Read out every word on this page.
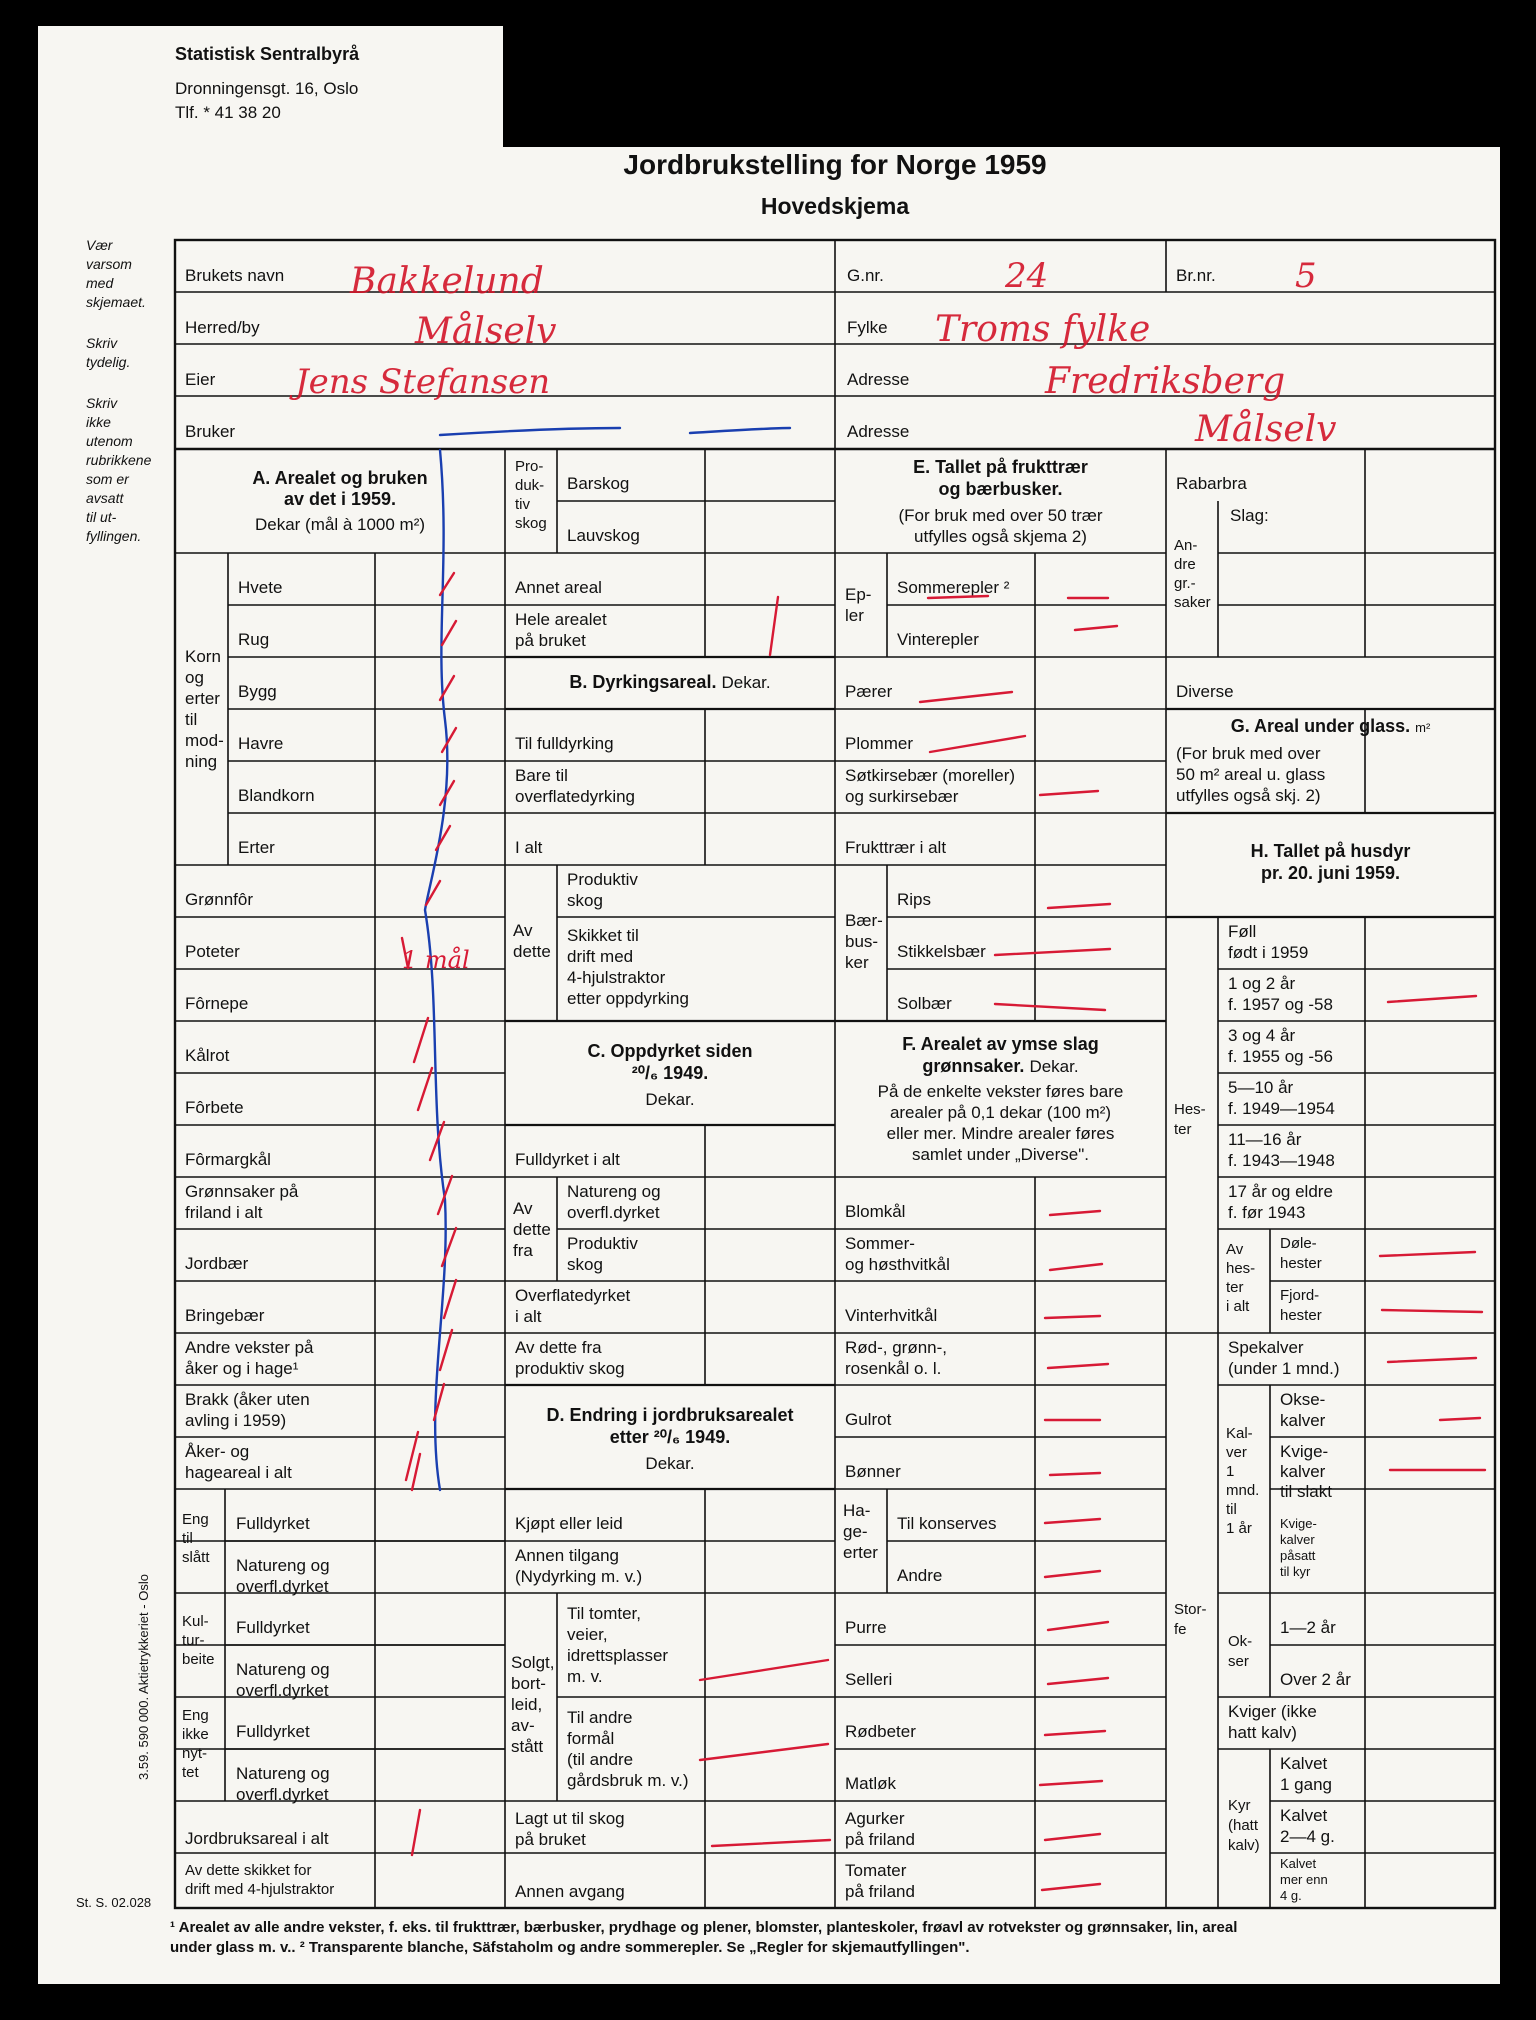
Statistisk Sentralbyrå
Dronningensgt. 16, Oslo
Tlf. * 41 38 20
Jordbrukstelling for Norge 1959
Hovedskjema
Vær
varsom
med
skjemaet.
Skriv
tydelig.
Skriv
ikke
utenom
rubrikkene
som er
avsatt
til ut-
fyllingen.
3.59. 590 000. Aktietrykkeriet - Oslo
St. S. 02.028
Brukets navn
Herred/by
Eier
Bruker
G.nr.	Br.nr.
Fylke
Adresse
Adresse
Bakkelund
Målselv
Jens Stefansen
24	5
Troms fylke
Fredriksberg
Målselv
A. Arealet og bruken
av det i 1959.
Dekar (mål à 1000 m²)
Korn
og
erter
til
mod-
ning
Hvete
Rug
Bygg
Havre
Blandkorn
Erter
Grønnfôr
Poteter
Fôrnepe
Kålrot
Fôrbete
Fôrmargkål
Grønnsaker på
friland i alt
Jordbær
Bringebær
Andre vekster på
åker og i hage¹
Brakk (åker uten
avling i 1959)
Åker- og
hageareal i alt
Eng
til
slått
Kul-
tur-
beite
Eng
ikke
nyt-
tet
Fulldyrket
Natureng og
overfl.dyrket
Fulldyrket
Natureng og
overfl.dyrket
Fulldyrket
Natureng og
overfl.dyrket
Jordbruksareal i alt
Av dette skikket for
drift med 4-hjulstraktor
Pro-
duk-
tiv
skog
Barskog
Lauvskog
Annet areal
Hele arealet
på bruket
B. Dyrkingsareal. Dekar.
Til fulldyrking
Bare til
overflatedyrking
I alt
Av
dette
Produktiv
skog
Skikket til
drift med
4-hjulstraktor
etter oppdyrking
C. Oppdyrket siden
²⁰/₆ 1949.
Dekar.
Fulldyrket i alt
Av
dette
fra
Natureng og
overfl.dyrket
Produktiv
skog
Overflatedyrket
i alt
Av dette fra
produktiv skog
D. Endring i jordbruksarealet
etter ²⁰/₆ 1949.
Dekar.
Kjøpt eller leid
Annen tilgang
(Nydyrking m. v.)
Solgt,
bort-
leid,
av-
stått
Til tomter,
veier,
idrettsplasser
m. v.
Til andre
formål
(til andre
gårdsbruk m. v.)
Lagt ut til skog
på bruket
Annen avgang
E. Tallet på frukttrær
og bærbusker.
(For bruk med over 50 trær
utfylles også skjema 2)
Ep-
ler
Sommerepler ²
Vinterepler
Pærer
Plommer
Søtkirsebær (moreller)
og surkirsebær
Frukttrær i alt
Bær-
bus-
ker
Rips
Stikkelsbær
Solbær
F. Arealet av ymse slag
grønnsaker. Dekar.
På de enkelte vekster føres bare
arealer på 0,1 dekar (100 m²)
eller mer. Mindre arealer føres
samlet under „Diverse".
Blomkål
Sommer-
og høsthvitkål
Vinterhvitkål
Rød-, grønn-,
rosenkål o. l.
Gulrot
Bønner
Ha-
ge-
erter
Til konserves
Andre
Purre
Selleri
Rødbeter
Matløk
Agurker
på friland
Tomater
på friland
Rabarbra
Slag:
An-
dre
gr.-
saker
Diverse
G. Areal under glass. m²
(For bruk med over
50 m² areal u. glass
utfylles også skj. 2)
H. Tallet på husdyr
pr. 20. juni 1959.
Hes-
ter
Føll
født i 1959
1 og 2 år
f. 1957 og -58
3 og 4 år
f. 1955 og -56
5—10 år
f. 1949—1954
11—16 år
f. 1943—1948
17 år og eldre
f. før 1943
Av
hes-
ter
i alt
Døle-
hester
Fjord-
hester
Stor-
fe
Spekalver
(under 1 mnd.)
Kal-
ver
1
mnd.
til
1 år
Okse-
kalver
Kvige-
kalver
til slakt
Kvige-
kalver
påsatt
til kyr
Ok-
ser
1—2 år
Over 2 år
Kviger (ikke
hatt kalv)
Kyr
(hatt
kalv)
Kalvet
1 gang
Kalvet
2—4 g.
Kalvet
mer enn
4 g.
¹ Arealet av alle andre vekster, f. eks. til frukttrær, bærbusker, prydhage og plener, blomster, planteskoler, frøavl av rotvekster og grønnsaker, lin, areal
under glass m. v.. ² Transparente blanche, Säfstaholm og andre sommerepler. Se „Regler for skjemautfyllingen".
1 mål
